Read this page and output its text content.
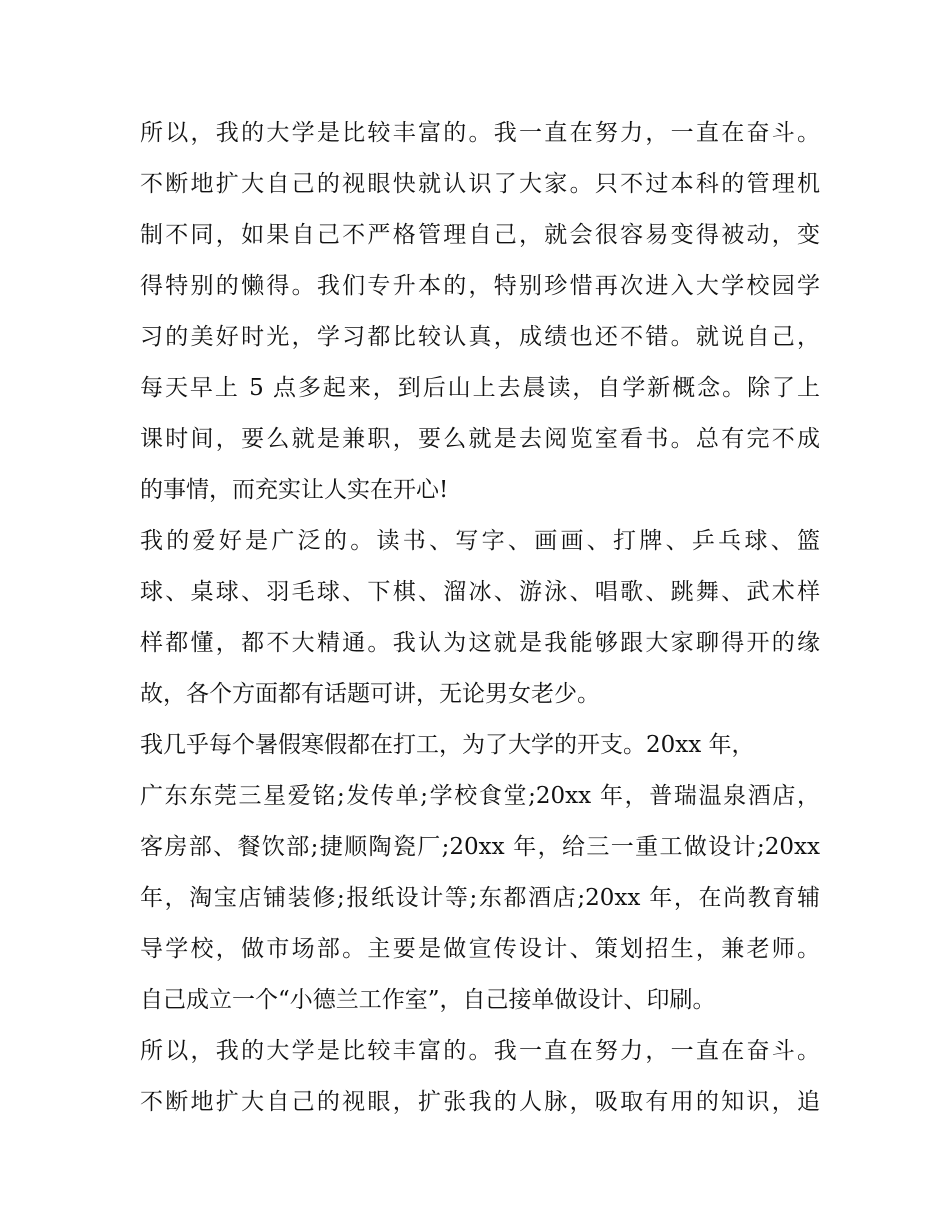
所以，我的大学是比较丰富的。我一直在努力，一直在奋斗。
不断地扩大自己的视眼快就认识了大家。只不过本科的管理机
制不同，如果自己不严格管理自己，就会很容易变得被动，变
得特别的懒得。我们专升本的，特别珍惜再次进入大学校园学
习的美好时光，学习都比较认真，成绩也还不错。就说自己，
每天早上 5 点多起来，到后山上去晨读，自学新概念。除了上
课时间，要么就是兼职，要么就是去阅览室看书。总有完不成
的事情，而充实让人实在开心!
我的爱好是广泛的。读书、写字、画画、打牌、乒乓球、篮
球、桌球、羽毛球、下棋、溜冰、游泳、唱歌、跳舞、武术样
样都懂，都不大精通。我认为这就是我能够跟大家聊得开的缘
故，各个方面都有话题可讲，无论男女老少。
我几乎每个暑假寒假都在打工，为了大学的开支。20xx 年，
广东东莞三星爱铭;发传单;学校食堂;20xx 年，普瑞温泉酒店，
客房部、餐饮部;捷顺陶瓷厂;20xx 年，给三一重工做设计;20xx
年，淘宝店铺装修;报纸设计等;东都酒店;20xx 年，在尚教育辅
导学校，做市场部。主要是做宣传设计、策划招生，兼老师。
自己成立一个“小德兰工作室”，自己接单做设计、印刷。
所以，我的大学是比较丰富的。我一直在努力，一直在奋斗。
不断地扩大自己的视眼，扩张我的人脉，吸取有用的知识，追
